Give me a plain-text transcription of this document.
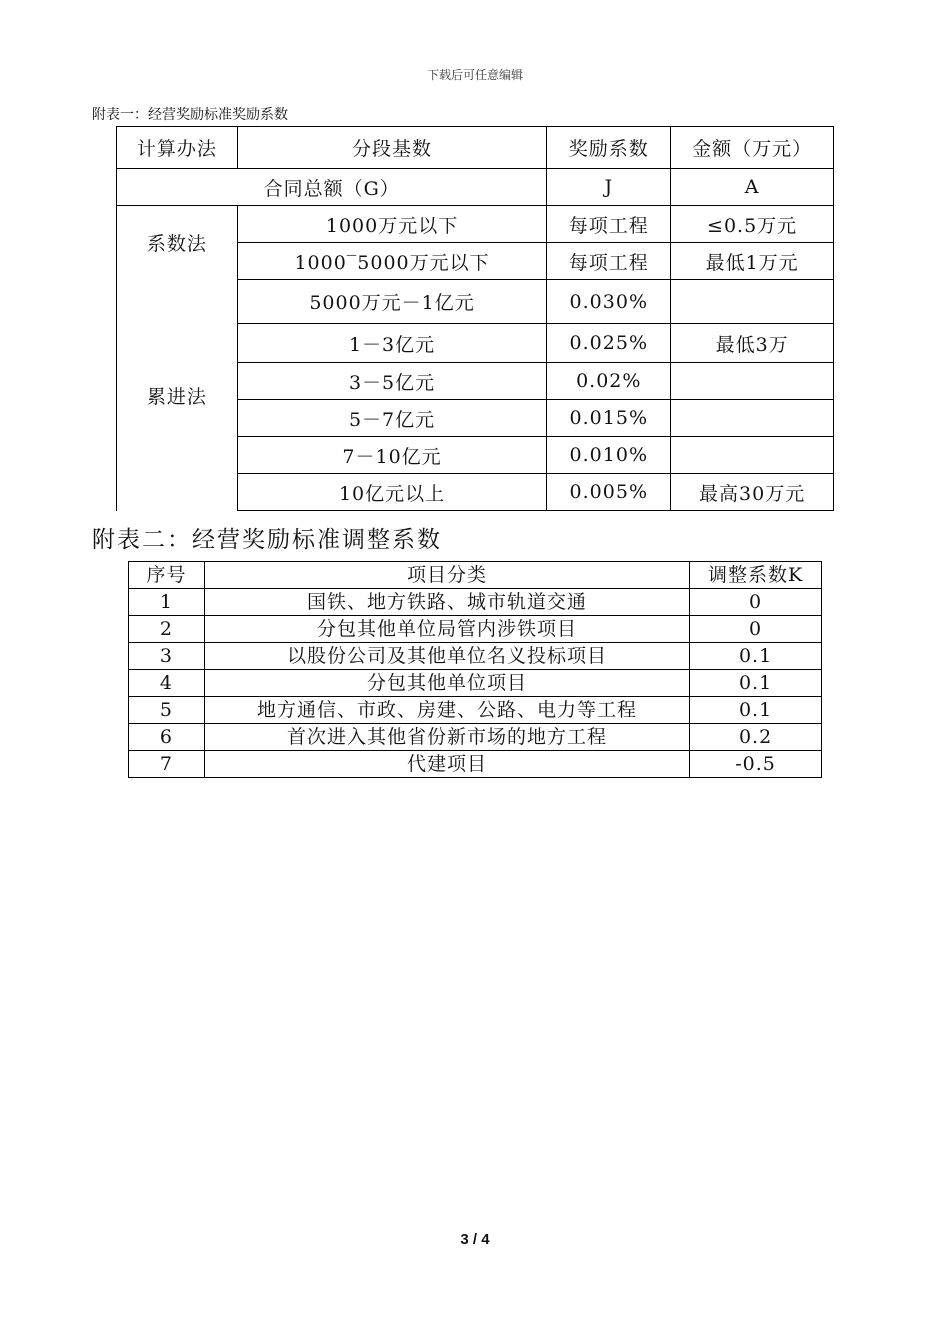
下载后可任意编辑
附表一：经营奖励标准奖励系数
计算办法	分段基数	奖励系数	金额（万元）
合同总额（G）		J	A
系数法	1000万元以下	每项工程	≤0.5万元
	1000‾5000万元以下	每项工程	最低1万元
累进法	5000万元－1亿元	0.030%	
	1－3亿元	0.025%	最低3万
	3－5亿元	0.02%	
	5－7亿元	0.015%	
	7－10亿元	0.010%	
	10亿元以上	0.005%	最高30万元
附表二：经营奖励标准调整系数
序号	项目分类	调整系数K
1	国铁、地方铁路、城市轨道交通	0
2	分包其他单位局管内涉铁项目	0
3	以股份公司及其他单位名义投标项目	0.1
4	分包其他单位项目	0.1
5	地方通信、市政、房建、公路、电力等工程	0.1
6	首次进入其他省份新市场的地方工程	0.2
7	代建项目	-0.5
3 / 4
